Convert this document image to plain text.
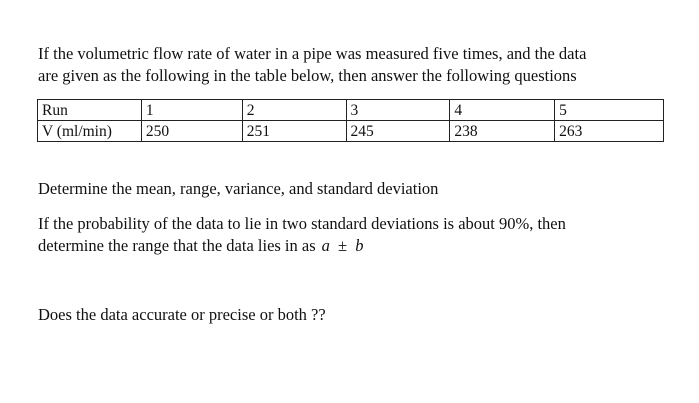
If the volumetric flow rate of water in a pipe was measured five times, and the data
are given as the following in the table below, then answer the following questions

Run	1	2	3	4	5
V (ml/min)	250	251	245	238	263

Determine the mean, range, variance, and standard deviation

If the probability of the data to lie in two standard deviations is about 90%, then
determine the range that the data lies in as a ± b

Does the data accurate or precise or both ??
